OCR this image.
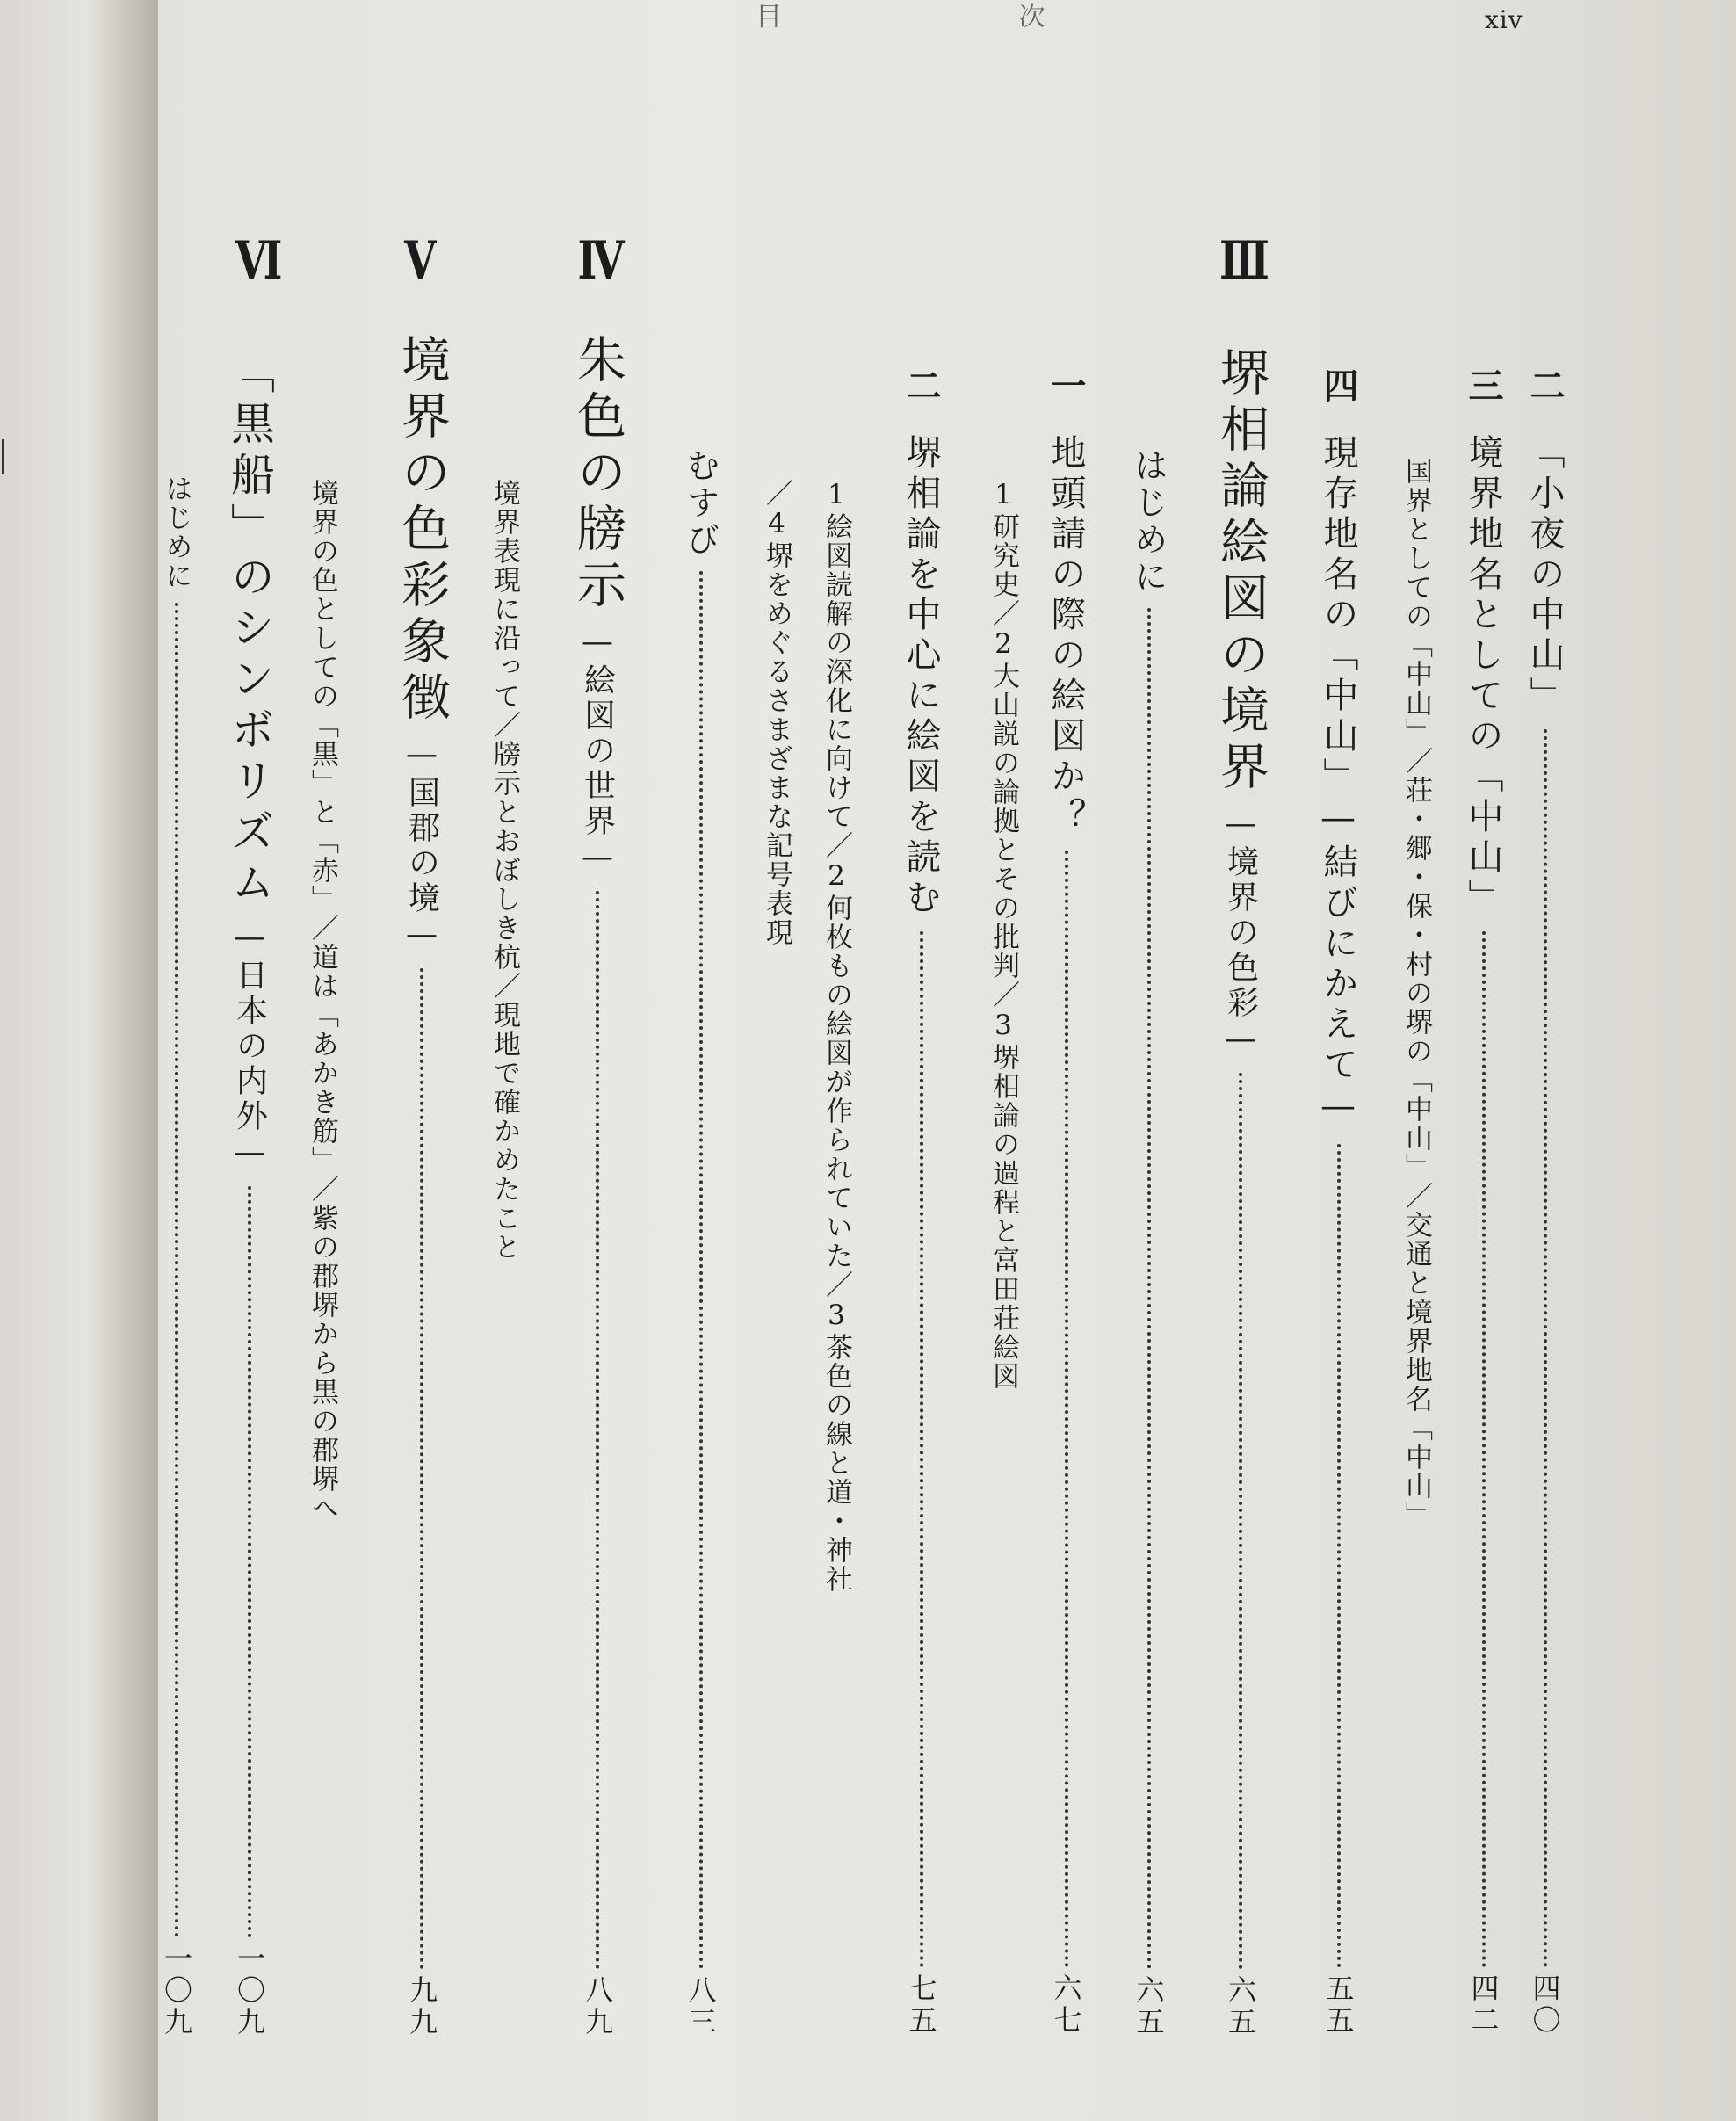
目 次	xiv
二
「小夜の中山」
四〇
三
境界地名としての「中山」
四二
国界としての「中山」／荘・郷・保・村の堺の「中山」／交通と境界地名「中山」
四
現存地名の「中山」
—結びにかえて—
五五
Ⅲ
堺相論絵図の境界
—境界の色彩—
六五
はじめに
六五
一
地頭請の際の絵図か？
六七
1研究史／2大山説の論拠とその批判／3堺相論の過程と富田荘絵図
二
堺相論を中心に絵図を読む
七五
1絵図読解の深化に向けて／2何枚もの絵図が作られていた／3茶色の線と道・神社
／4堺をめぐるさまざまな記号表現
むすび
八三
Ⅳ
朱色の牓示
—絵図の世界—
八九
境界表現に沿って／牓示とおぼしき杭／現地で確かめたこと
Ⅴ
境界の色彩象徴
—国郡の境—
九九
境界の色としての「黒」と「赤」／道は「あかき筋」／紫の郡堺から黒の郡堺へ
Ⅵ
「黒船」のシンボリズム
—日本の内外—
一〇九
はじめに
一〇九
